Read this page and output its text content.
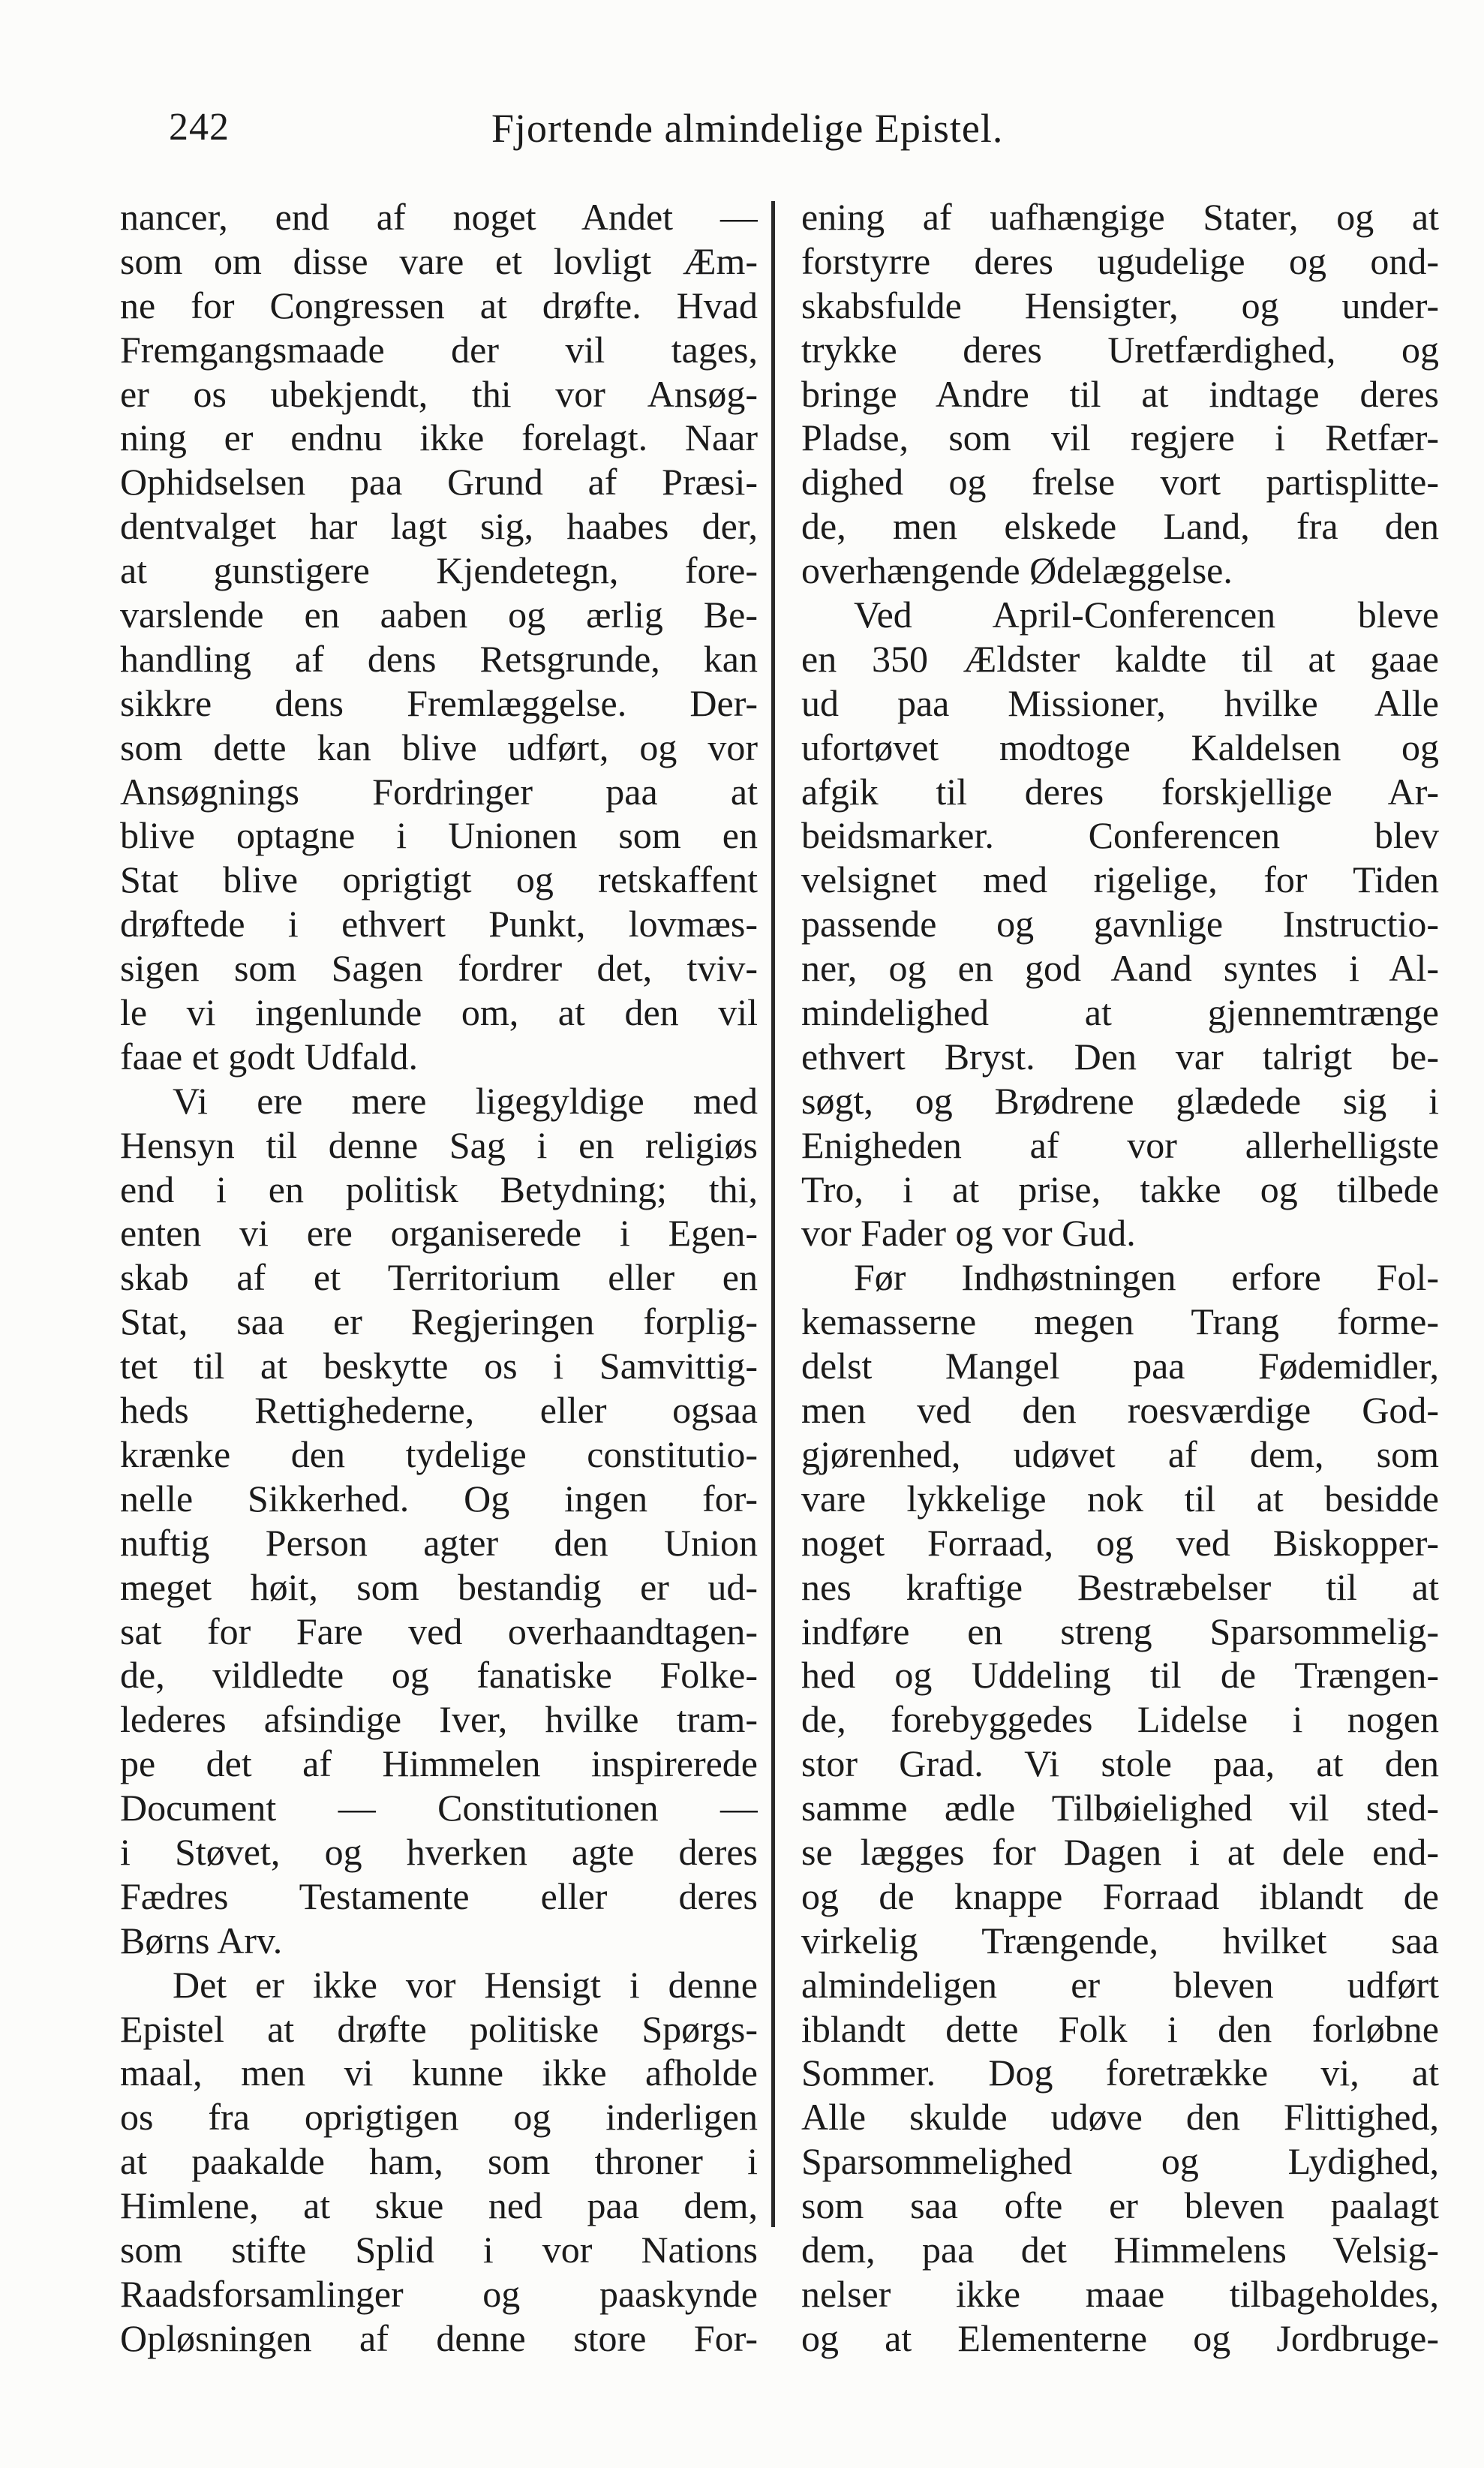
242	Fjortende almindelige Epistel.
nancer, end af noget Andet —
som om disse vare et lovligt Æm-
ne for Congressen at drøfte. Hvad
Fremgangsmaade der vil tages,
er os ubekjendt, thi vor Ansøg-
ning er endnu ikke forelagt. Naar
Ophidselsen paa Grund af Præsi-
dentvalget har lagt sig, haabes der,
at gunstigere Kjendetegn, fore-
varslende en aaben og ærlig Be-
handling af dens Retsgrunde, kan
sikkre dens Fremlæggelse. Der-
som dette kan blive udført, og vor
Ansøgnings Fordringer paa at
blive optagne i Unionen som en
Stat blive oprigtigt og retskaffent
drøftede i ethvert Punkt, lovmæs-
sigen som Sagen fordrer det, tviv-
le vi ingenlunde om, at den vil
faae et godt Udfald.
Vi ere mere ligegyldige med
Hensyn til denne Sag i en religiøs
end i en politisk Betydning; thi,
enten vi ere organiserede i Egen-
skab af et Territorium eller en
Stat, saa er Regjeringen forplig-
tet til at beskytte os i Samvittig-
heds Rettighederne, eller ogsaa
krænke den tydelige constitutio-
nelle Sikkerhed. Og ingen for-
nuftig Person agter den Union
meget høit, som bestandig er ud-
sat for Fare ved overhaandtagen-
de, vildledte og fanatiske Folke-
lederes afsindige Iver, hvilke tram-
pe det af Himmelen inspirerede
Document — Constitutionen —
i Støvet, og hverken agte deres
Fædres Testamente eller deres
Børns Arv.
Det er ikke vor Hensigt i denne
Epistel at drøfte politiske Spørgs-
maal, men vi kunne ikke afholde
os fra oprigtigen og inderligen
at paakalde ham, som throner i
Himlene, at skue ned paa dem,
som stifte Splid i vor Nations
Raadsforsamlinger og paaskynde
Opløsningen af denne store For-
ening af uafhængige Stater, og at
forstyrre deres ugudelige og ond-
skabsfulde Hensigter, og under-
trykke deres Uretfærdighed, og
bringe Andre til at indtage deres
Pladse, som vil regjere i Retfær-
dighed og frelse vort partisplitte-
de, men elskede Land, fra den
overhængende Ødelæggelse.
Ved April-Conferencen bleve
en 350 Ældster kaldte til at gaae
ud paa Missioner, hvilke Alle
ufortøvet modtoge Kaldelsen og
afgik til deres forskjellige Ar-
beidsmarker. Conferencen blev
velsignet med rigelige, for Tiden
passende og gavnlige Instructio-
ner, og en god Aand syntes i Al-
mindelighed at gjennemtrænge
ethvert Bryst. Den var talrigt be-
søgt, og Brødrene glædede sig i
Enigheden af vor allerhelligste
Tro, i at prise, takke og tilbede
vor Fader og vor Gud.
Før Indhøstningen erfore Fol-
kemasserne megen Trang forme-
delst Mangel paa Fødemidler,
men ved den roesværdige God-
gjørenhed, udøvet af dem, som
vare lykkelige nok til at besidde
noget Forraad, og ved Biskopper-
nes kraftige Bestræbelser til at
indføre en streng Sparsommelig-
hed og Uddeling til de Trængen-
de, forebyggedes Lidelse i nogen
stor Grad. Vi stole paa, at den
samme ædle Tilbøielighed vil sted-
se lægges for Dagen i at dele end-
og de knappe Forraad iblandt de
virkelig Trængende, hvilket saa
almindeligen er bleven udført
iblandt dette Folk i den forløbne
Sommer. Dog foretrække vi, at
Alle skulde udøve den Flittighed,
Sparsommelighed og Lydighed,
som saa ofte er bleven paalagt
dem, paa det Himmelens Velsig-
nelser ikke maae tilbageholdes,
og at Elementerne og Jordbruge-
